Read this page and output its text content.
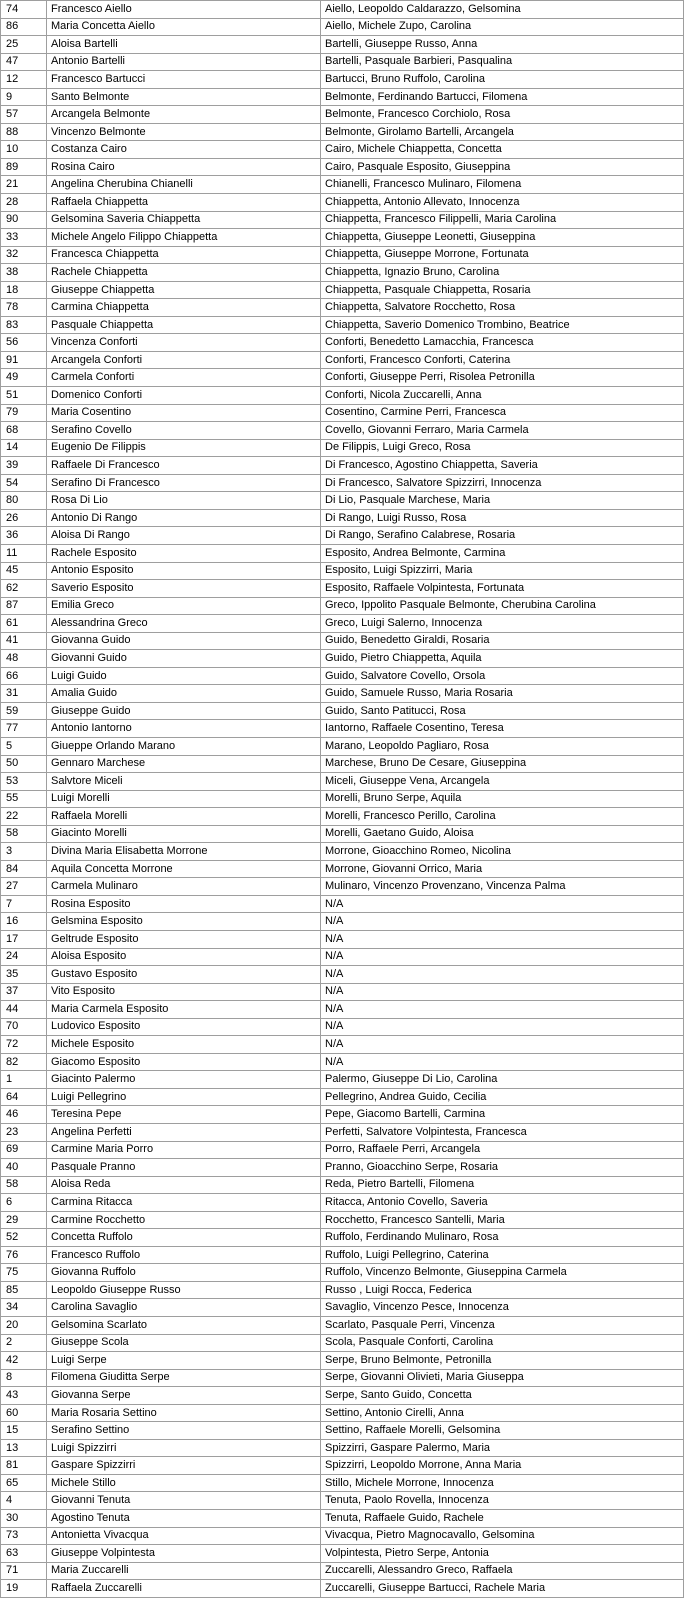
74	Francesco Aiello	Aiello, Leopoldo Caldarazzo, Gelsomina
86	Maria Concetta Aiello	Aiello, Michele Zupo, Carolina
25	Aloisa Bartelli	Bartelli, Giuseppe Russo, Anna
47	Antonio Bartelli	Bartelli, Pasquale Barbieri, Pasqualina
12	Francesco Bartucci	Bartucci, Bruno Ruffolo, Carolina
9	Santo Belmonte	Belmonte, Ferdinando Bartucci, Filomena
57	Arcangela Belmonte	Belmonte, Francesco Corchiolo, Rosa
88	Vincenzo Belmonte	Belmonte, Girolamo Bartelli, Arcangela
10	Costanza Cairo	Cairo, Michele Chiappetta, Concetta
89	Rosina Cairo	Cairo, Pasquale Esposito, Giuseppina
21	Angelina Cherubina Chianelli	Chianelli, Francesco Mulinaro, Filomena
28	Raffaela Chiappetta	Chiappetta, Antonio Allevato, Innocenza
90	Gelsomina Saveria Chiappetta	Chiappetta, Francesco Filippelli, Maria Carolina
33	Michele Angelo Filippo Chiappetta	Chiappetta, Giuseppe Leonetti, Giuseppina
32	Francesca Chiappetta	Chiappetta, Giuseppe Morrone, Fortunata
38	Rachele Chiappetta	Chiappetta, Ignazio Bruno, Carolina
18	Giuseppe Chiappetta	Chiappetta, Pasquale Chiappetta, Rosaria
78	Carmina Chiappetta	Chiappetta, Salvatore Rocchetto, Rosa
83	Pasquale Chiappetta	Chiappetta, Saverio Domenico Trombino, Beatrice
56	Vincenza Conforti	Conforti, Benedetto Lamacchia, Francesca
91	Arcangela Conforti	Conforti, Francesco Conforti, Caterina
49	Carmela Conforti	Conforti, Giuseppe Perri, Risolea Petronilla
51	Domenico Conforti	Conforti, Nicola Zuccarelli, Anna
79	Maria Cosentino	Cosentino, Carmine Perri, Francesca
68	Serafino Covello	Covello, Giovanni Ferraro, Maria Carmela
14	Eugenio De Filippis	De Filippis, Luigi Greco, Rosa
39	Raffaele Di Francesco	Di Francesco, Agostino Chiappetta, Saveria
54	Serafino Di Francesco	Di Francesco, Salvatore Spizzirri, Innocenza
80	Rosa Di Lio	Di Lio, Pasquale Marchese, Maria
26	Antonio Di Rango	Di Rango, Luigi Russo, Rosa
36	Aloisa Di Rango	Di Rango, Serafino Calabrese, Rosaria
11	Rachele Esposito	Esposito, Andrea Belmonte, Carmina
45	Antonio Esposito	Esposito, Luigi Spizzirri, Maria
62	Saverio Esposito	Esposito, Raffaele Volpintesta, Fortunata
87	Emilia Greco	Greco, Ippolito Pasquale Belmonte, Cherubina Carolina
61	Alessandrina Greco	Greco, Luigi Salerno, Innocenza
41	Giovanna Guido	Guido, Benedetto Giraldi, Rosaria
48	Giovanni Guido	Guido, Pietro Chiappetta, Aquila
66	Luigi Guido	Guido, Salvatore Covello, Orsola
31	Amalia Guido	Guido, Samuele Russo, Maria Rosaria
59	Giuseppe Guido	Guido, Santo Patitucci, Rosa
77	Antonio Iantorno	Iantorno, Raffaele Cosentino, Teresa
5	Giueppe Orlando Marano	Marano, Leopoldo Pagliaro, Rosa
50	Gennaro Marchese	Marchese, Bruno De Cesare, Giuseppina
53	Salvtore Miceli	Miceli, Giuseppe Vena, Arcangela
55	Luigi Morelli	Morelli, Bruno Serpe, Aquila
22	Raffaela Morelli	Morelli, Francesco Perillo, Carolina
58	Giacinto Morelli	Morelli, Gaetano Guido, Aloisa
3	Divina Maria Elisabetta Morrone	Morrone, Gioacchino Romeo, Nicolina
84	Aquila Concetta Morrone	Morrone, Giovanni Orrico, Maria
27	Carmela Mulinaro	Mulinaro, Vincenzo Provenzano, Vincenza Palma
7	Rosina Esposito	N/A
16	Gelsmina Esposito	N/A
17	Geltrude Esposito	N/A
24	Aloisa Esposito	N/A
35	Gustavo Esposito	N/A
37	Vito Esposito	N/A
44	Maria Carmela Esposito	N/A
70	Ludovico Esposito	N/A
72	Michele Esposito	N/A
82	Giacomo Esposito	N/A
1	Giacinto Palermo	Palermo, Giuseppe Di Lio, Carolina
64	Luigi Pellegrino	Pellegrino, Andrea Guido, Cecilia
46	Teresina Pepe	Pepe, Giacomo Bartelli, Carmina
23	Angelina Perfetti	Perfetti, Salvatore Volpintesta, Francesca
69	Carmine Maria Porro	Porro, Raffaele Perri, Arcangela
40	Pasquale Pranno	Pranno, Gioacchino Serpe, Rosaria
58	Aloisa Reda	Reda, Pietro Bartelli, Filomena
6	Carmina Ritacca	Ritacca, Antonio Covello, Saveria
29	Carmine Rocchetto	Rocchetto, Francesco Santelli, Maria
52	Concetta Ruffolo	Ruffolo, Ferdinando Mulinaro, Rosa
76	Francesco Ruffolo	Ruffolo, Luigi Pellegrino, Caterina
75	Giovanna Ruffolo	Ruffolo, Vincenzo Belmonte, Giuseppina Carmela
85	Leopoldo Giuseppe Russo	Russo , Luigi Rocca, Federica
34	Carolina Savaglio	Savaglio, Vincenzo Pesce, Innocenza
20	Gelsomina Scarlato	Scarlato, Pasquale Perri, Vincenza
2	Giuseppe Scola	Scola, Pasquale Conforti, Carolina
42	Luigi Serpe	Serpe, Bruno Belmonte, Petronilla
8	Filomena Giuditta Serpe	Serpe, Giovanni Olivieti, Maria Giuseppa
43	Giovanna Serpe	Serpe, Santo Guido, Concetta
60	Maria Rosaria Settino	Settino, Antonio Cirelli, Anna
15	Serafino Settino	Settino, Raffaele Morelli, Gelsomina
13	Luigi Spizzirri	Spizzirri, Gaspare Palermo, Maria
81	Gaspare Spizzirri	Spizzirri, Leopoldo Morrone, Anna Maria
65	Michele Stillo	Stillo, Michele Morrone, Innocenza
4	Giovanni Tenuta	Tenuta, Paolo Rovella, Innocenza
30	Agostino Tenuta	Tenuta, Raffaele Guido, Rachele
73	Antonietta Vivacqua	Vivacqua, Pietro Magnocavallo, Gelsomina
63	Giuseppe Volpintesta	Volpintesta, Pietro Serpe, Antonia
71	Maria Zuccarelli	Zuccarelli, Alessandro Greco, Raffaela
19	Raffaela Zuccarelli	Zuccarelli, Giuseppe Bartucci, Rachele Maria
